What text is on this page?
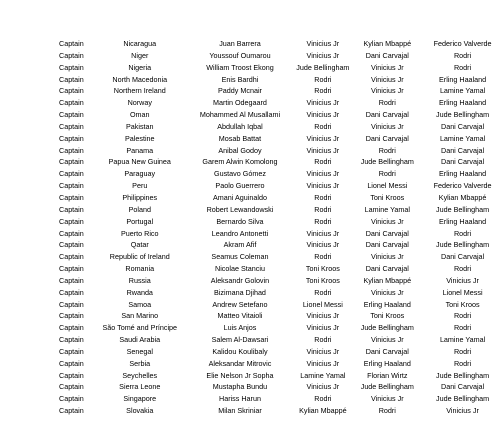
Captain	Nicaragua	Juan Barrera	Vinicius Jr	Kylian Mbappé	Federico Valverde
Captain	Niger	Youssouf Oumarou	Vinicius Jr	Dani Carvajal	Rodri
Captain	Nigeria	William Troost Ekong	Jude Bellingham	Vinicius Jr	Rodri
Captain	North Macedonia	Enis Bardhi	Rodri	Vinicius Jr	Erling Haaland
Captain	Northern Ireland	Paddy Mcnair	Rodri	Vinicius Jr	Lamine Yamal
Captain	Norway	Martin Odegaard	Vinicius Jr	Rodri	Erling Haaland
Captain	Oman	Mohammed Al Musallami	Vinicius Jr	Dani Carvajal	Jude Bellingham
Captain	Pakistan	Abdullah Iqbal	Rodri	Vinicius Jr	Dani Carvajal
Captain	Palestine	Mosab Battat	Vinicius Jr	Dani Carvajal	Lamine Yamal
Captain	Panama	Anibal Godoy	Vinicius Jr	Rodri	Dani Carvajal
Captain	Papua New Guinea	Garem Alwin Komolong	Rodri	Jude Bellingham	Dani Carvajal
Captain	Paraguay	Gustavo Gómez	Vinicius Jr	Rodri	Erling Haaland
Captain	Peru	Paolo Guerrero	Vinicius Jr	Lionel Messi	Federico Valverde
Captain	Philippines	Amani Aguinaldo	Rodri	Toni Kroos	Kylian Mbappé
Captain	Poland	Robert Lewandowski	Rodri	Lamine Yamal	Jude Bellingham
Captain	Portugal	Bernardo Silva	Rodri	Vinicius Jr	Erling Haaland
Captain	Puerto Rico	Leandro Antonetti	Vinicius Jr	Dani Carvajal	Rodri
Captain	Qatar	Akram Afif	Vinicius Jr	Dani Carvajal	Jude Bellingham
Captain	Republic of Ireland	Seamus Coleman	Rodri	Vinicius Jr	Dani Carvajal
Captain	Romania	Nicolae Stanciu	Toni Kroos	Dani Carvajal	Rodri
Captain	Russia	Aleksandr Golovin	Toni Kroos	Kylian Mbappé	Vinicius Jr
Captain	Rwanda	Bizimana Djihad	Rodri	Vinicius Jr	Lionel Messi
Captain	Samoa	Andrew Setefano	Lionel Messi	Erling Haaland	Toni Kroos
Captain	San Marino	Matteo Vitaioli	Vinicius Jr	Toni Kroos	Rodri
Captain	São Tomé and Príncipe	Luis Anjos	Vinicius Jr	Jude Bellingham	Rodri
Captain	Saudi Arabia	Salem Al-Dawsari	Rodri	Vinicius Jr	Lamine Yamal
Captain	Senegal	Kalidou Koulibaly	Vinicius Jr	Dani Carvajal	Rodri
Captain	Serbia	Aleksandar Mitrovic	Vinicius Jr	Erling Haaland	Rodri
Captain	Seychelles	Elie Nelson Jr Sopha	Lamine Yamal	Florian Wirtz	Jude Bellingham
Captain	Sierra Leone	Mustapha Bundu	Vinicius Jr	Jude Bellingham	Dani Carvajal
Captain	Singapore	Hariss Harun	Rodri	Vinicius Jr	Jude Bellingham
Captain	Slovakia	Milan Skriniar	Kylian Mbappé	Rodri	Vinicius Jr
